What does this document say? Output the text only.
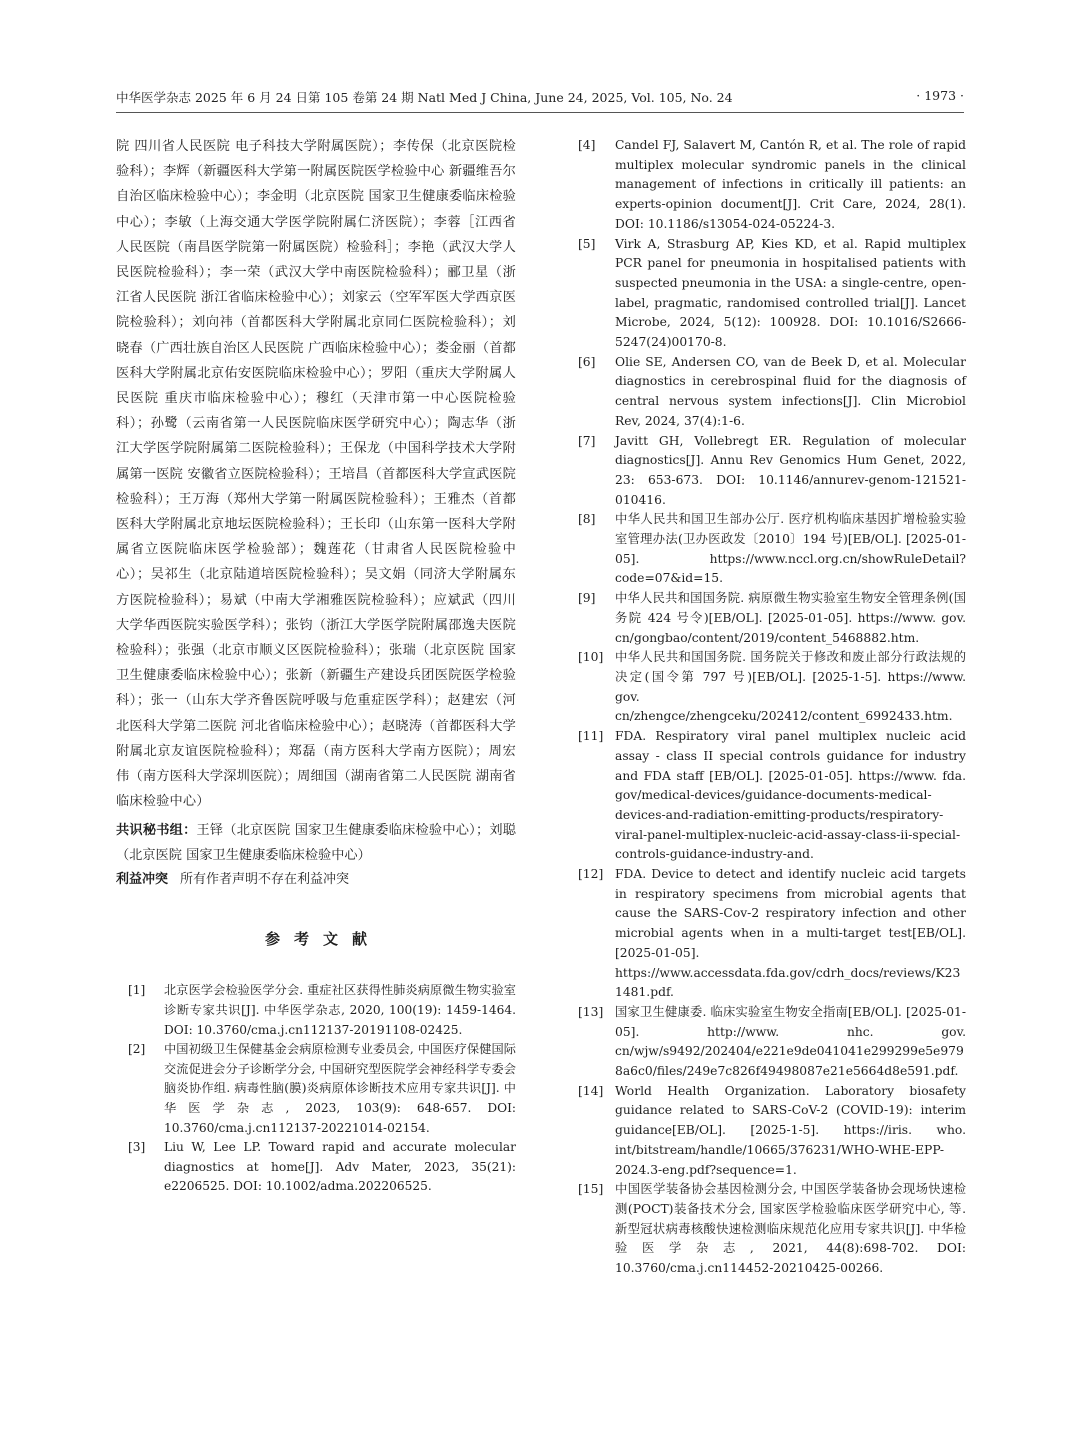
中华医学杂志 2025 年 6 月 24 日第 105 卷第 24 期 Natl Med J China, June 24, 2025, Vol. 105, No. 24	· 1973 ·

院 四川省人民医院 电子科技大学附属医院）；李传保（北京医院检验科）；李辉（新疆医科大学第一附属医院医学检验中心 新疆维吾尔自治区临床检验中心）；李金明（北京医院 国家卫生健康委临床检验中心）；李敏（上海交通大学医学院附属仁济医院）；李蓉［江西省人民医院（南昌医学院第一附属医院）检验科］；李艳（武汉大学人民医院检验科）；李一荣（武汉大学中南医院检验科）；郦卫星（浙江省人民医院 浙江省临床检验中心）；刘家云（空军军医大学西京医院检验科）；刘向祎（首都医科大学附属北京同仁医院检验科）；刘晓春（广西壮族自治区人民医院 广西临床检验中心）；娄金丽（首都医科大学附属北京佑安医院临床检验中心）；罗阳（重庆大学附属人民医院 重庆市临床检验中心）；穆红（天津市第一中心医院检验科）；孙鹭（云南省第一人民医院临床医学研究中心）；陶志华（浙江大学医学院附属第二医院检验科）；王保龙（中国科学技术大学附属第一医院 安徽省立医院检验科）；王培昌（首都医科大学宣武医院检验科）；王万海（郑州大学第一附属医院检验科）；王雅杰（首都医科大学附属北京地坛医院检验科）；王长印（山东第一医科大学附属省立医院临床医学检验部）；魏莲花（甘肃省人民医院检验中心）；吴祁生（北京陆道培医院检验科）；吴文娟（同济大学附属东方医院检验科）；易斌（中南大学湘雅医院检验科）；应斌武（四川大学华西医院实验医学科）；张钧（浙江大学医学院附属邵逸夫医院检验科）；张强（北京市顺义区医院检验科）；张瑞（北京医院 国家卫生健康委临床检验中心）；张新（新疆生产建设兵团医院医学检验科）；张一（山东大学齐鲁医院呼吸与危重症医学科）；赵建宏（河北医科大学第二医院 河北省临床检验中心）；赵晓涛（首都医科大学附属北京友谊医院检验科）；郑磊（南方医科大学南方医院）；周宏伟（南方医科大学深圳医院）；周细国（湖南省第二人民医院 湖南省临床检验中心）

共识秘书组：王铎（北京医院 国家卫生健康委临床检验中心）；刘聪（北京医院 国家卫生健康委临床检验中心）

利益冲突 所有作者声明不存在利益冲突

参考文献
[1]	北京医学会检验医学分会. 重症社区获得性肺炎病原微生物实验室诊断专家共识[J]. 中华医学杂志, 2020, 100(19): 1459-1464. DOI: 10.3760/cma.j.cn112137-20191108-02425.
[2]	中国初级卫生保健基金会病原检测专业委员会, 中国医疗保健国际交流促进会分子诊断学分会, 中国研究型医院学会神经科学专委会脑炎协作组. 病毒性脑(膜)炎病原体诊断技术应用专家共识[J]. 中华医学杂志, 2023, 103(9): 648-657. DOI: 10.3760/cma.j.cn112137-20221014-02154.
[3]	Liu W, Lee LP. Toward rapid and accurate molecular diagnostics at home[J]. Adv Mater, 2023, 35(21): e2206525. DOI: 10.1002/adma.202206525.
[4]	Candel FJ, Salavert M, Cantón R, et al. The role of rapid multiplex molecular syndromic panels in the clinical management of infections in critically ill patients: an experts-opinion document[J]. Crit Care, 2024, 28(1). DOI: 10.1186/s13054-024-05224-3.
[5]	Virk A, Strasburg AP, Kies KD, et al. Rapid multiplex PCR panel for pneumonia in hospitalised patients with suspected pneumonia in the USA: a single-centre, open-label, pragmatic, randomised controlled trial[J]. Lancet Microbe, 2024, 5(12): 100928. DOI: 10.1016/S2666-5247(24)00170-8.
[6]	Olie SE, Andersen CO, van de Beek D, et al. Molecular diagnostics in cerebrospinal fluid for the diagnosis of central nervous system infections[J]. Clin Microbiol Rev, 2024, 37(4):1-6.
[7]	Javitt GH, Vollebregt ER. Regulation of molecular diagnostics[J]. Annu Rev Genomics Hum Genet, 2022, 23: 653-673. DOI: 10.1146/annurev-genom-121521-010416.
[8]	中华人民共和国卫生部办公厅. 医疗机构临床基因扩增检验实验室管理办法(卫办医政发〔2010〕194 号)[EB/OL]. [2025-01-05]. https://www.nccl.org.cn/showRuleDetail?code=07&id=15.
[9]	中华人民共和国国务院. 病原微生物实验室生物安全管理条例(国务院 424 号令)[EB/OL]. [2025-01-05]. https://www. gov. cn/gongbao/content/2019/content_5468882.htm.
[10] 中华人民共和国国务院. 国务院关于修改和废止部分行政法规的决定(国令第 797 号)[EB/OL]. [2025-1-5]. https://www. gov. cn/zhengce/zhengceku/202412/content_6992433.htm.
[11] FDA. Respiratory viral panel multiplex nucleic acid assay - class II special controls guidance for industry and FDA staff [EB/OL]. [2025-01-05]. https://www. fda. gov/medical-devices/guidance-documents-medical-devices-and-radiation-emitting-products/respiratory-viral-panel-multiplex-nucleic-acid-assay-class-ii-special-controls-guidance-industry-and.
[12] FDA. Device to detect and identify nucleic acid targets in respiratory specimens from microbial agents that cause the SARS-Cov-2 respiratory infection and other microbial agents when in a multi-target test[EB/OL]. [2025-01-05]. https://www.accessdata.fda.gov/cdrh_docs/reviews/K231481.pdf.
[13] 国家卫生健康委. 临床实验室生物安全指南[EB/OL]. [2025-01-05]. http://www. nhc. gov. cn/wjw/s9492/202404/e221e9de041041e299299e5e9798a6c0/files/249e7c826f49498087e21e5664d8e591.pdf.
[14] World Health Organization. Laboratory biosafety guidance related to SARS-CoV-2 (COVID-19): interim guidance[EB/OL]. [2025-1-5]. https://iris. who. int/bitstream/handle/10665/376231/WHO-WHE-EPP-2024.3-eng.pdf?sequence=1.
[15] 中国医学装备协会基因检测分会, 中国医学装备协会现场快速检测(POCT)装备技术分会, 国家医学检验临床医学研究中心, 等. 新型冠状病毒核酸快速检测临床规范化应用专家共识[J]. 中华检验医学杂志, 2021, 44(8):698-702. DOI: 10.3760/cma.j.cn114452-20210425-00266.
